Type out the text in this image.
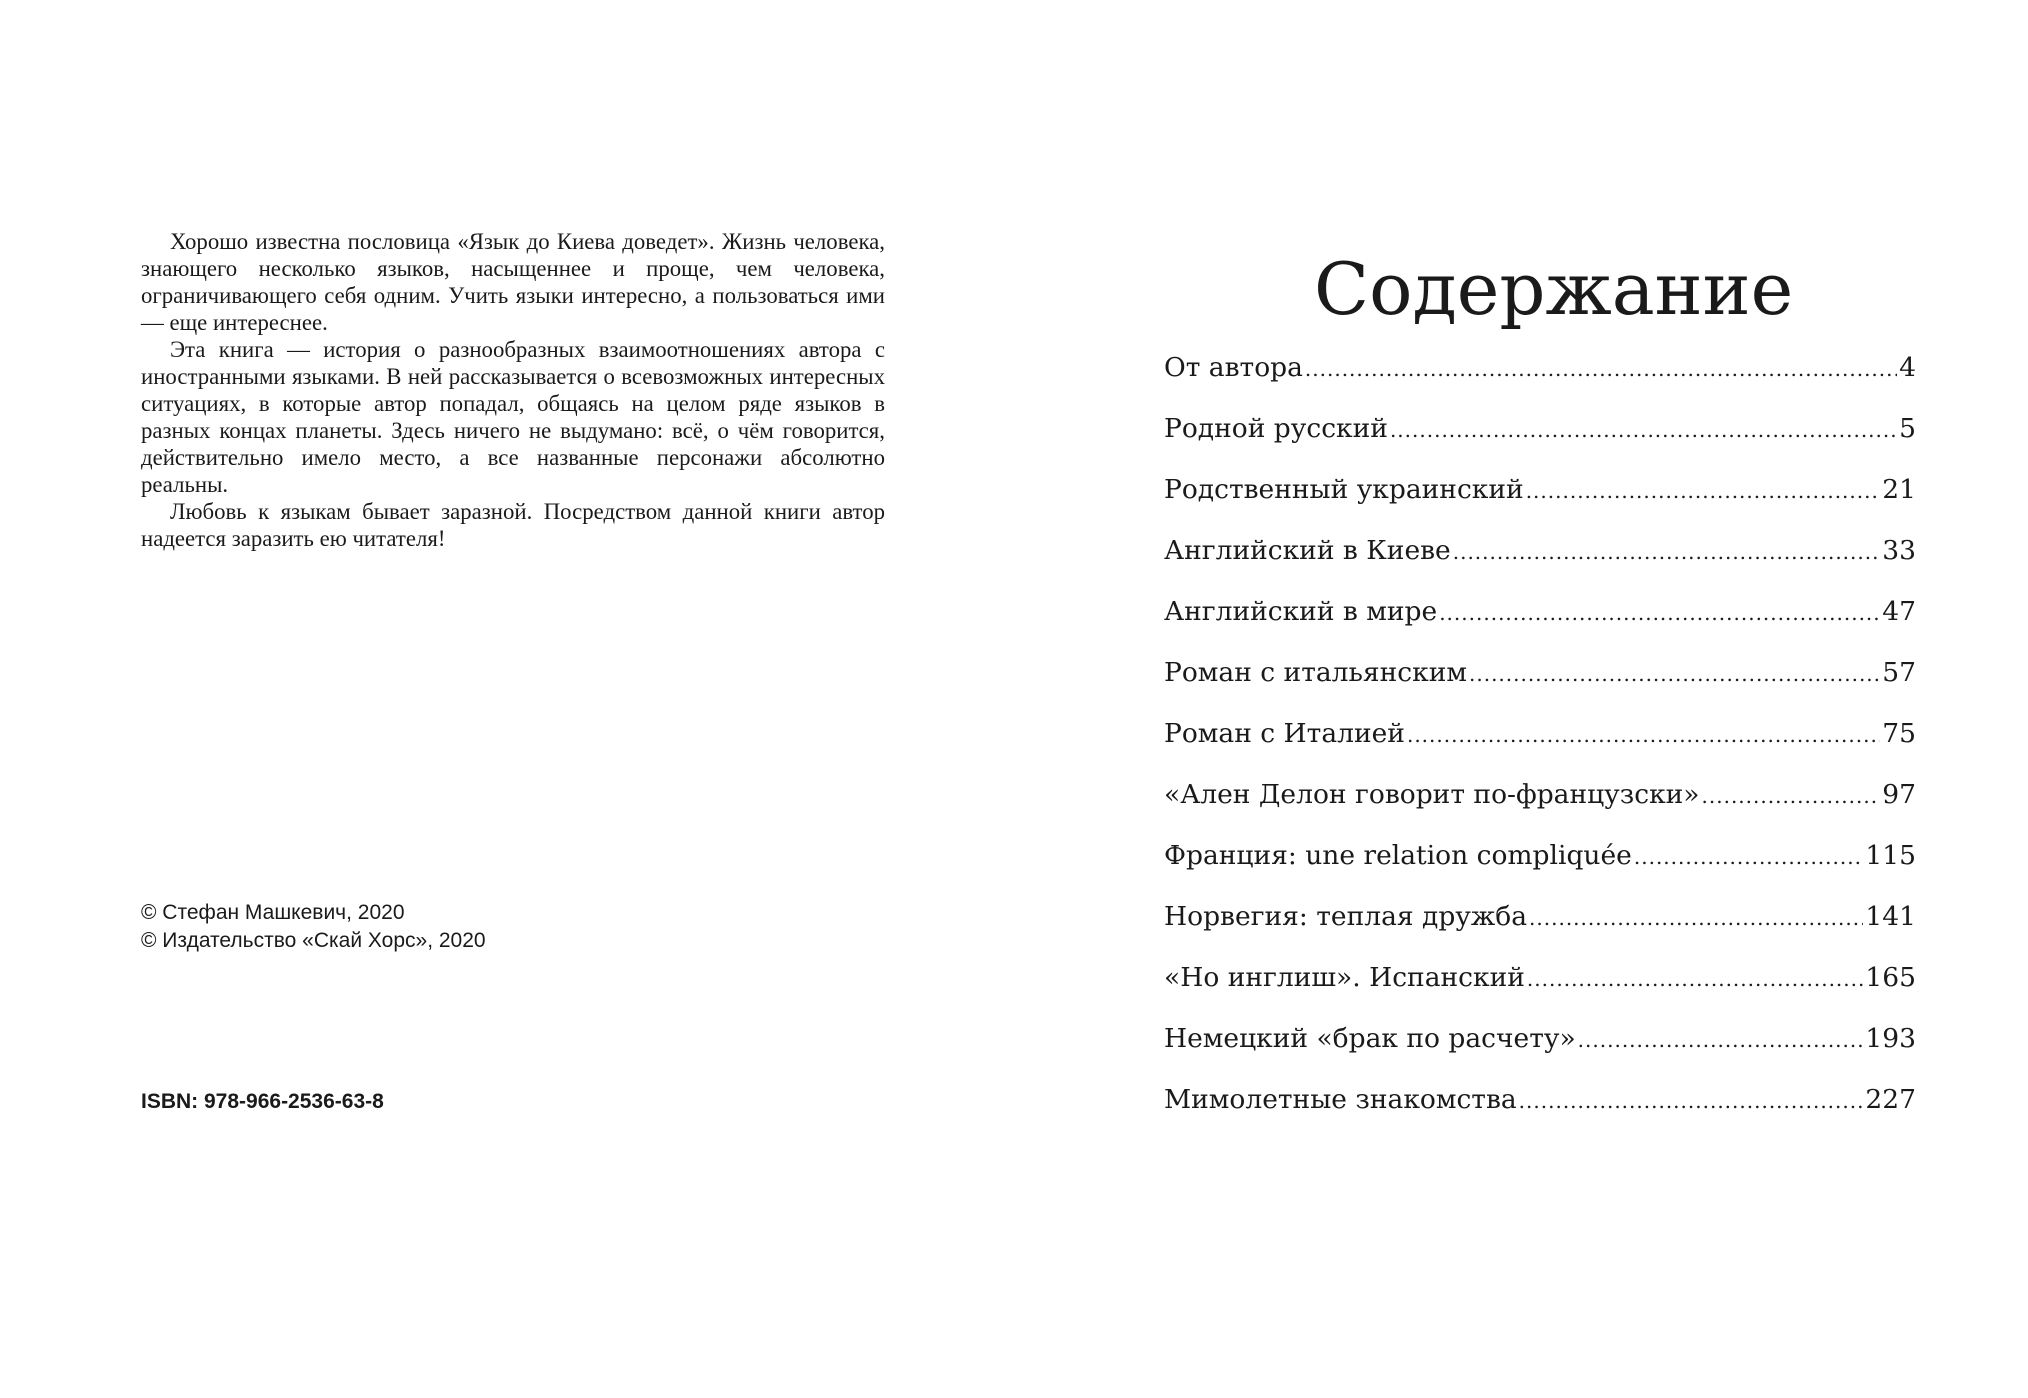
Хорошо известна пословица «Язык до Киева доведет». Жизнь человека, знающего несколько языков, насыщеннее и проще, чем человека, ограничивающего себя одним. Учить языки интересно, а пользоваться ими — еще интереснее.

Эта книга — история о разнообразных взаимоотношениях автора с иностранными языками. В ней рассказывается о всевозможных интересных ситуациях, в которые автор попадал, общаясь на целом ряде языков в разных концах планеты. Здесь ничего не выдумано: всё, о чём говорится, действительно имело место, а все названные персонажи абсолютно реальны.

Любовь к языкам бывает заразной. Посредством данной книги автор надеется заразить ею читателя!

© Стефан Машкевич, 2020
© Издательство «Скай Хорс», 2020
ISBN: 978-966-2536-63-8
Содержание
От автора .....	4
Родной русский .....	5
Родственный украинский .....	21
Английский в Киеве .....	33
Английский в мире .....	47
Роман с итальянским .....	57
Роман с Италией .....	75
«Ален Делон говорит по-французски» .....	97
Франция: une relation compliquée .....	115
Норвегия: теплая дружба .....	141
«Но инглиш». Испанский .....	165
Немецкий «брак по расчету» .....	193
Мимолетные знакомства .....	227
